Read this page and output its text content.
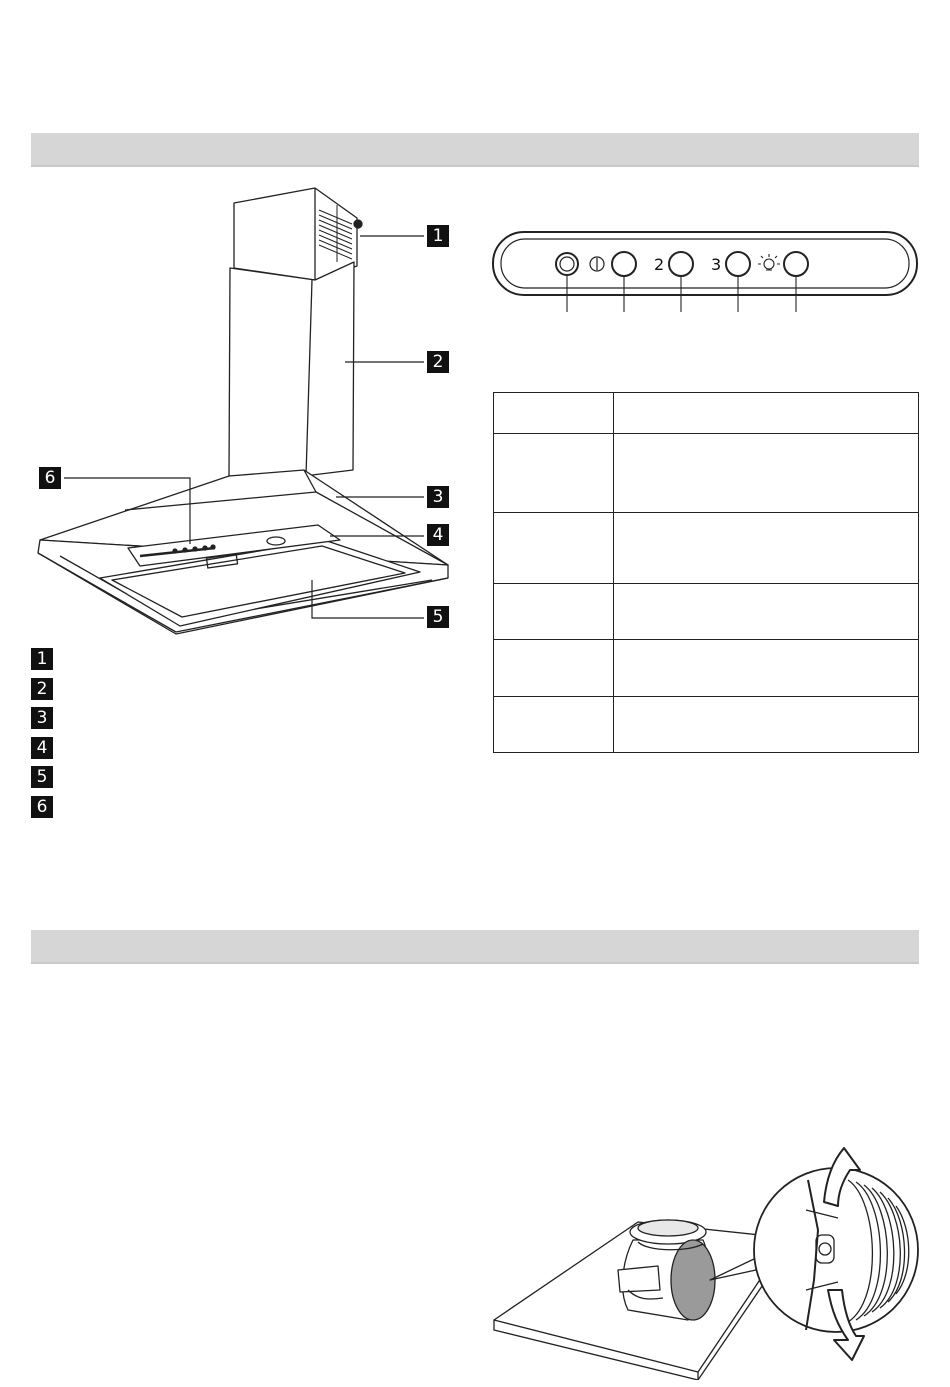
1
2
3
4
5
6
1
2
3
4
5
6
2	3
